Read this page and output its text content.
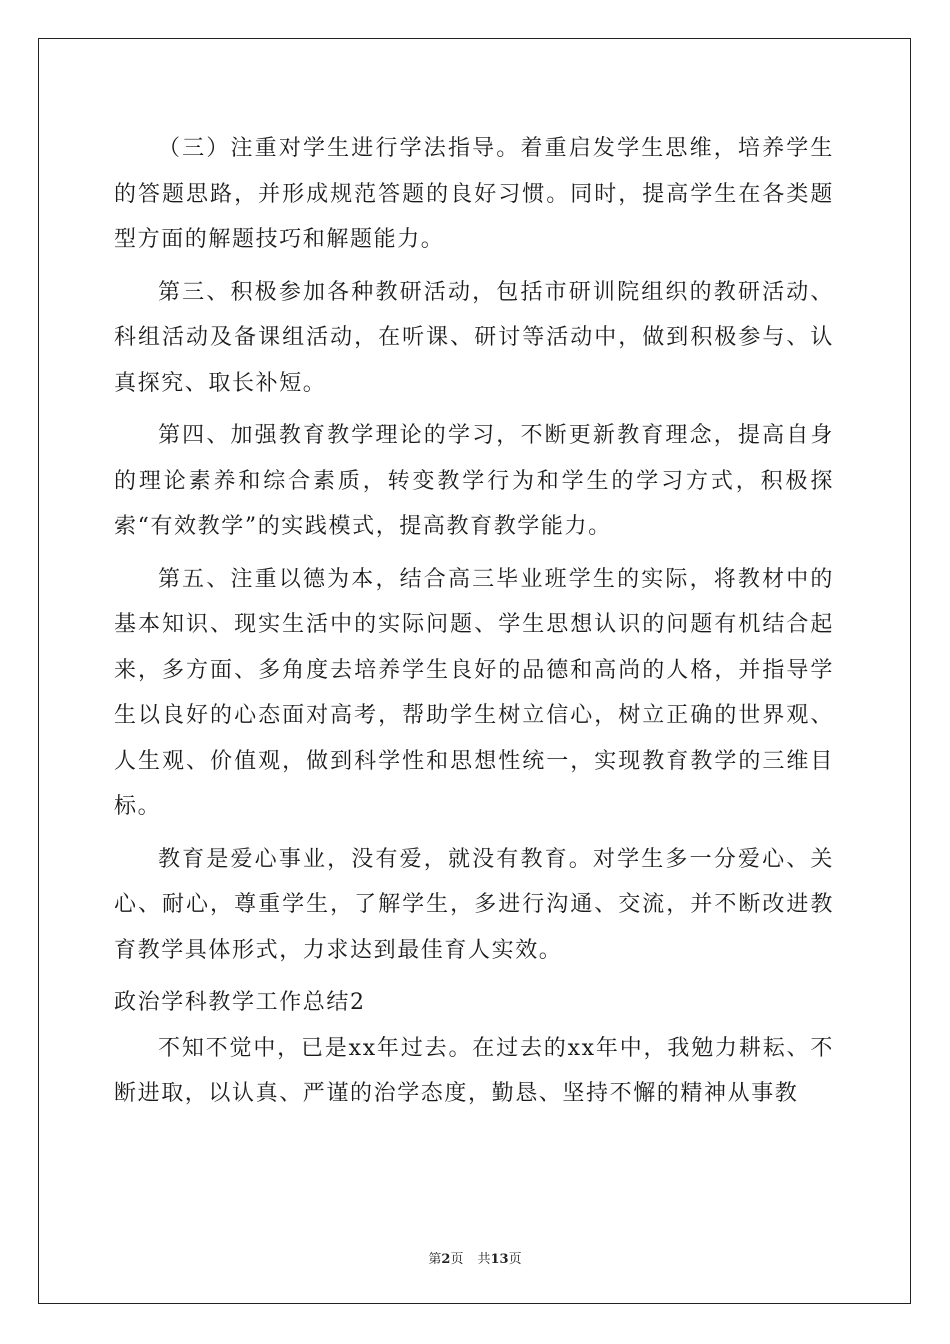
（三）注重对学生进行学法指导。着重启发学生思维，培养学生的答题思路，并形成规范答题的良好习惯。同时，提高学生在各类题型方面的解题技巧和解题能力。

第三、积极参加各种教研活动，包括市研训院组织的教研活动、科组活动及备课组活动，在听课、研讨等活动中，做到积极参与、认真探究、取长补短。

第四、加强教育教学理论的学习，不断更新教育理念，提高自身的理论素养和综合素质，转变教学行为和学生的学习方式，积极探索“有效教学”的实践模式，提高教育教学能力。

第五、注重以德为本，结合高三毕业班学生的实际，将教材中的基本知识、现实生活中的实际问题、学生思想认识的问题有机结合起来，多方面、多角度去培养学生良好的品德和高尚的人格，并指导学生以良好的心态面对高考，帮助学生树立信心，树立正确的世界观、人生观、价值观，做到科学性和思想性统一，实现教育教学的三维目标。

教育是爱心事业，没有爱，就没有教育。对学生多一分爱心、关心、耐心，尊重学生，了解学生，多进行沟通、交流，并不断改进教育教学具体形式，力求达到最佳育人实效。

政治学科教学工作总结2

不知不觉中，已是xx年过去。在过去的xx年中，我勉力耕耘、不断进取，以认真、严谨的治学态度，勤恳、坚持不懈的精神从事教

第2页 共13页
